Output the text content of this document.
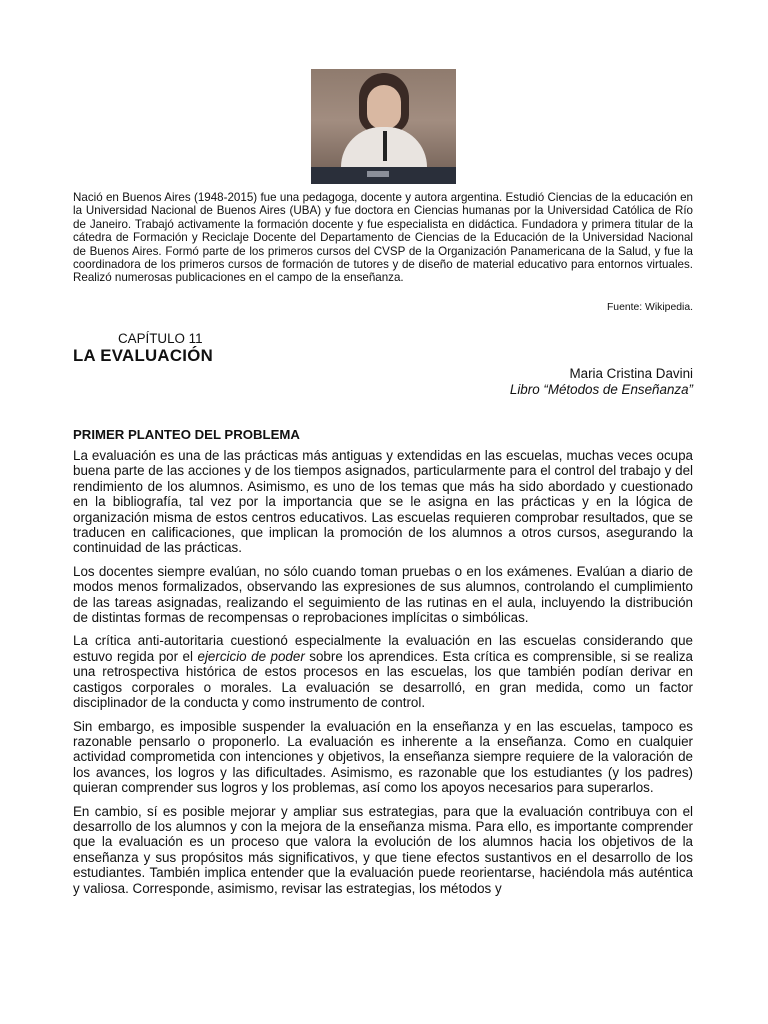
Nació en Buenos Aires (1948-2015) fue una pedagoga, docente y autora argentina. Estudió Ciencias de la educación en la Universidad Nacional de Buenos Aires (UBA) y fue doctora en Ciencias humanas por la Universidad Católica de Río de Janeiro. Trabajó activamente la formación docente y fue especialista en didáctica. Fundadora y primera titular de la cátedra de Formación y Reciclaje Docente del Departamento de Ciencias de la Educación de la Universidad Nacional de Buenos Aires. Formó parte de los primeros cursos del CVSP de la Organización Panamericana de la Salud, y fue la coordinadora de los primeros cursos de formación de tutores y de diseño de material educativo para entornos virtuales. Realizó numerosas publicaciones en el campo de la enseñanza.

Fuente: Wikipedia.

CAPÍTULO 11

LA EVALUACIÓN

Maria Cristina Davini

Libro “Métodos de Enseñanza”

PRIMER PLANTEO DEL PROBLEMA

La evaluación es una de las prácticas más antiguas y extendidas en las escuelas, muchas veces ocupa buena parte de las acciones y de los tiempos asignados, particularmente para el control del trabajo y del rendimiento de los alumnos. Asimismo, es uno de los temas que más ha sido abordado y cuestionado en la bibliografía, tal vez por la importancia que se le asigna en las prácticas y en la lógica de organización misma de estos centros educativos. Las escuelas requieren comprobar resultados, que se traducen en calificaciones, que implican la promoción de los alumnos a otros cursos, asegurando la continuidad de las prácticas.

Los docentes siempre evalúan, no sólo cuando toman pruebas o en los exámenes. Evalúan a diario de modos menos formalizados, observando las expresiones de sus alumnos, controlando el cumplimiento de las tareas asignadas, realizando el seguimiento de las rutinas en el aula, incluyendo la distribución de distintas formas de recompensas o reprobaciones implícitas o simbólicas.

La crítica anti-autoritaria cuestionó especialmente la evaluación en las escuelas considerando que estuvo regida por el ejercicio de poder sobre los aprendices. Esta crítica es comprensible, si se realiza una retrospectiva histórica de estos procesos en las escuelas, los que también podían derivar en castigos corporales o morales. La evaluación se desarrolló, en gran medida, como un factor disciplinador de la conducta y como instrumento de control.

Sin embargo, es imposible suspender la evaluación en la enseñanza y en las escuelas, tampoco es razonable pensarlo o proponerlo. La evaluación es inherente a la enseñanza. Como en cualquier actividad comprometida con intenciones y objetivos, la enseñanza siempre requiere de la valoración de los avances, los logros y las dificultades. Asimismo, es razonable que los estudiantes (y los padres) quieran comprender sus logros y los problemas, así como los apoyos necesarios para superarlos.

En cambio, sí es posible mejorar y ampliar sus estrategias, para que la evaluación contribuya con el desarrollo de los alumnos y con la mejora de la enseñanza misma. Para ello, es importante comprender que la evaluación es un proceso que valora la evolución de los alumnos hacia los objetivos de la enseñanza y sus propósitos más significativos, y que tiene efectos sustantivos en el desarrollo de los estudiantes. También implica entender que la evaluación puede reorientarse, haciéndola más auténtica y valiosa. Corresponde, asimismo, revisar las estrategias, los métodos y
